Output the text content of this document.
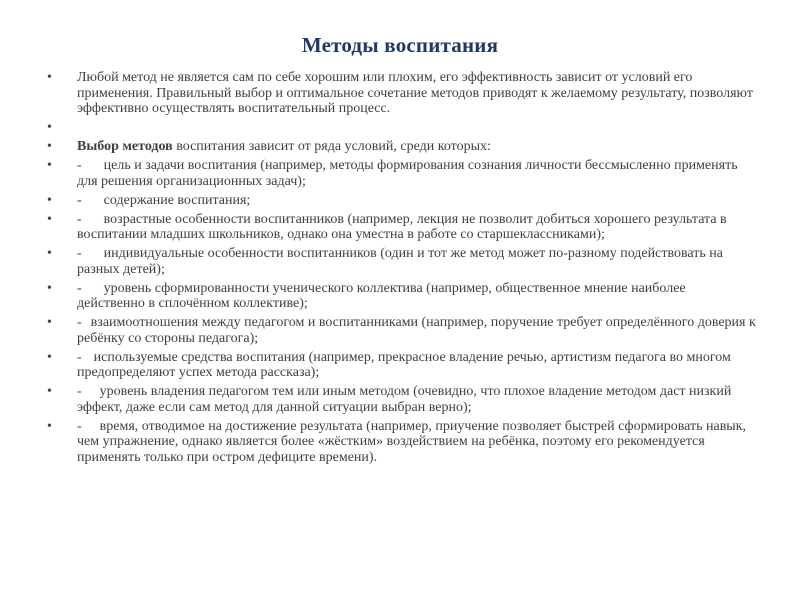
Методы воспитания
• Любой метод не является сам по себе хорошим или плохим, его эффективность зависит от условий его применения. Правильный выбор и оптимальное сочетание методов приводят к желаемому результату, позволяют эффективно осуществлять воспитательный процесс.
•
• Выбор методов воспитания зависит от ряда условий, среди которых:
• - цель и задачи воспитания (например, методы формирования сознания личности бессмысленно применять для решения организационных задач);
• - содержание воспитания;
• - возрастные особенности воспитанников (например, лекция не позволит добиться хорошего результата в воспитании младших школьников, однако она уместна в работе со старшеклассниками);
• - индивидуальные особенности воспитанников (один и тот же метод может по-разному подействовать на разных детей);
• - уровень сформированности ученического коллектива (например, общественное мнение наиболее действенно в сплочённом коллективе);
• - взаимоотношения между педагогом и воспитанниками (например, поручение требует определённого доверия к ребёнку со стороны педагога);
• - используемые средства воспитания (например, прекрасное владение речью, артистизм педагога во многом предопределяют успех метода рассказа);
• - уровень владения педагогом тем или иным методом (очевидно, что плохое владение методом даст низкий эффект, даже если сам метод для данной ситуации выбран верно);
• - время, отводимое на достижение результата (например, приучение позволяет быстрей сформировать навык, чем упражнение, однако является более «жёстким» воздействием на ребёнка, поэтому его рекомендуется применять только при остром дефиците времени).
